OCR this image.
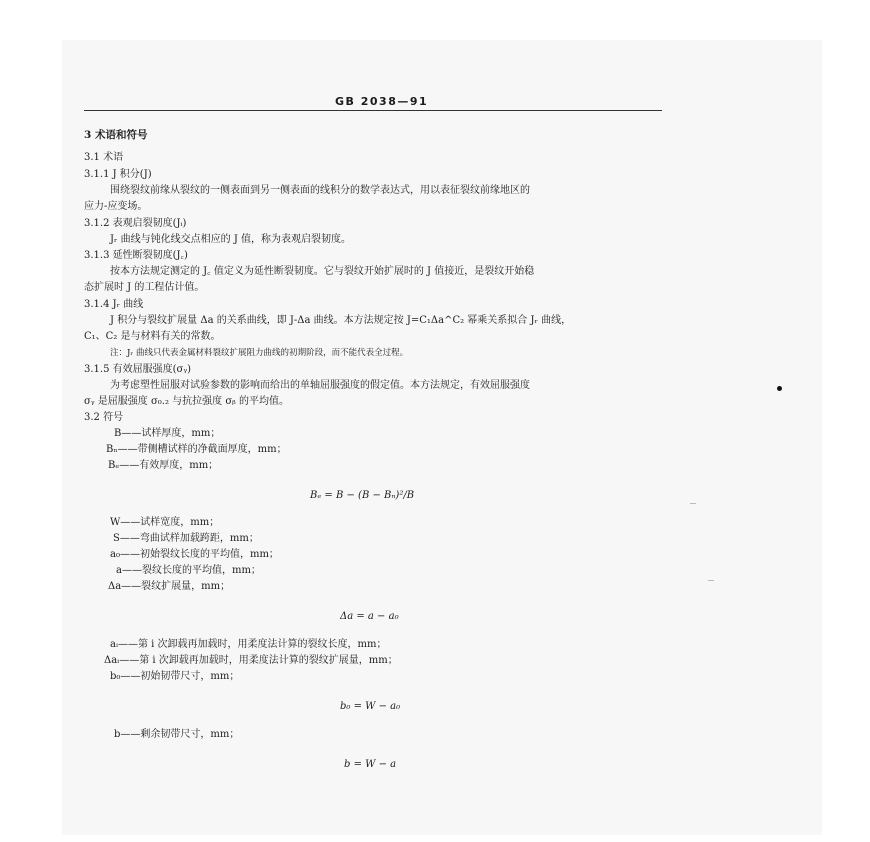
GB 2038—91
3 术语和符号
3.1 术语
3.1.1 J 积分(J)
围绕裂纹前缘从裂纹的一侧表面到另一侧表面的线积分的数学表达式，用以表征裂纹前缘地区的
应力-应变场。
3.1.2 表观启裂韧度(Jᵢ)
Jᵣ 曲线与钝化线交点相应的 J 值，称为表观启裂韧度。
3.1.3 延性断裂韧度(J꜀)
按本方法规定测定的 J꜀ 值定义为延性断裂韧度。它与裂纹开始扩展时的 J 值接近，是裂纹开始稳
态扩展时 J 的工程估计值。
3.1.4 Jᵣ 曲线
J 积分与裂纹扩展量 Δa 的关系曲线，即 J-Δa 曲线。本方法规定按 J=C₁Δa^C₂ 幂乘关系拟合 Jᵣ 曲线，
C₁、C₂ 是与材料有关的常数。
注：Jᵣ 曲线只代表金属材料裂纹扩展阻力曲线的初期阶段，而不能代表全过程。
3.1.5 有效屈服强度(σᵧ)
为考虑塑性屈服对试验参数的影响而给出的单轴屈服强度的假定值。本方法规定，有效屈服强度
σᵧ 是屈服强度 σ₀.₂ 与抗拉强度 σᵦ 的平均值。
3.2 符号
B——试样厚度，mm；
Bₙ——带侧槽试样的净截面厚度，mm；
Bₑ——有效厚度，mm；
Bₑ = B − (B − Bₙ)²/B
W——试样宽度，mm；
S——弯曲试样加载跨距，mm；
a₀——初始裂纹长度的平均值，mm；
a——裂纹长度的平均值，mm；
Δa——裂纹扩展量，mm；
Δa = a − a₀
aᵢ——第 i 次卸载再加载时，用柔度法计算的裂纹长度，mm；
Δaᵢ——第 i 次卸载再加载时，用柔度法计算的裂纹扩展量，mm；
b₀——初始韧带尺寸，mm；
b₀ = W − a₀
b——剩余韧带尺寸，mm；
b = W − a
